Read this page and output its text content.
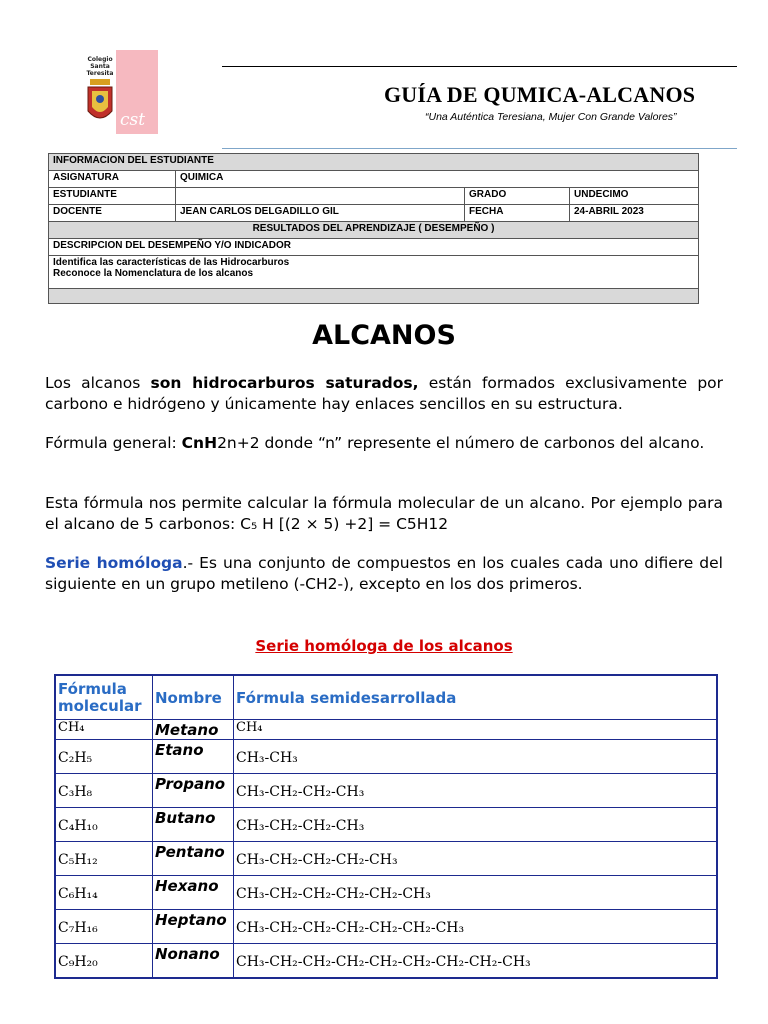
Colegio Santa Teresita
cst
GUÍA DE QUMICA-ALCANOS
“Una Auténtica Teresiana, Mujer Con Grande Valores”
INFORMACION DEL ESTUDIANTE			
ASIGNATURA	QUIMICA		
ESTUDIANTE		GRADO	UNDECIMO
DOCENTE	JEAN CARLOS DELGADILLO GIL	FECHA	24-ABRIL 2023
RESULTADOS DEL APRENDIZAJE ( DESEMPEÑO )			
DESCRIPCION DEL DESEMPEÑO Y/O INDICADOR			

Identifica las características de las Hidrocarburos
Reconoce la Nomenclatura de los alcanos			

ALCANOS

Los alcanos son hidrocarburos saturados, están formados exclusivamente por carbono e hidrógeno y únicamente hay enlaces sencillos en su estructura.

Fórmula general: CnH2n+2 donde “n” represente el número de carbonos del alcano.

Esta fórmula nos permite calcular la fórmula molecular de un alcano. Por ejemplo para el alcano de 5 carbonos: C₅ H [(2 × 5) +2] = C5H12

Serie homóloga.- Es una conjunto de compuestos en los cuales cada uno difiere del siguiente en un grupo metileno (-CH2-), excepto en los dos primeros.

Serie homóloga de los alcanos
Fórmula molecular	Nombre	Fórmula semidesarrollada

CH₄	Metano	CH₄

C₂H₅	Etano	CH₃-CH₃

C₃H₈	Propano	CH₃-CH₂-CH₂-CH₃

C₄H₁₀	Butano	CH₃-CH₂-CH₂-CH₃

C₅H₁₂	Pentano	CH₃-CH₂-CH₂-CH₂-CH₃

C₆H₁₄	Hexano	CH₃-CH₂-CH₂-CH₂-CH₂-CH₃

C₇H₁₆	Heptano	CH₃-CH₂-CH₂-CH₂-CH₂-CH₂-CH₃

C₉H₂₀	Nonano	CH₃-CH₂-CH₂-CH₂-CH₂-CH₂-CH₂-CH₂-CH₃
